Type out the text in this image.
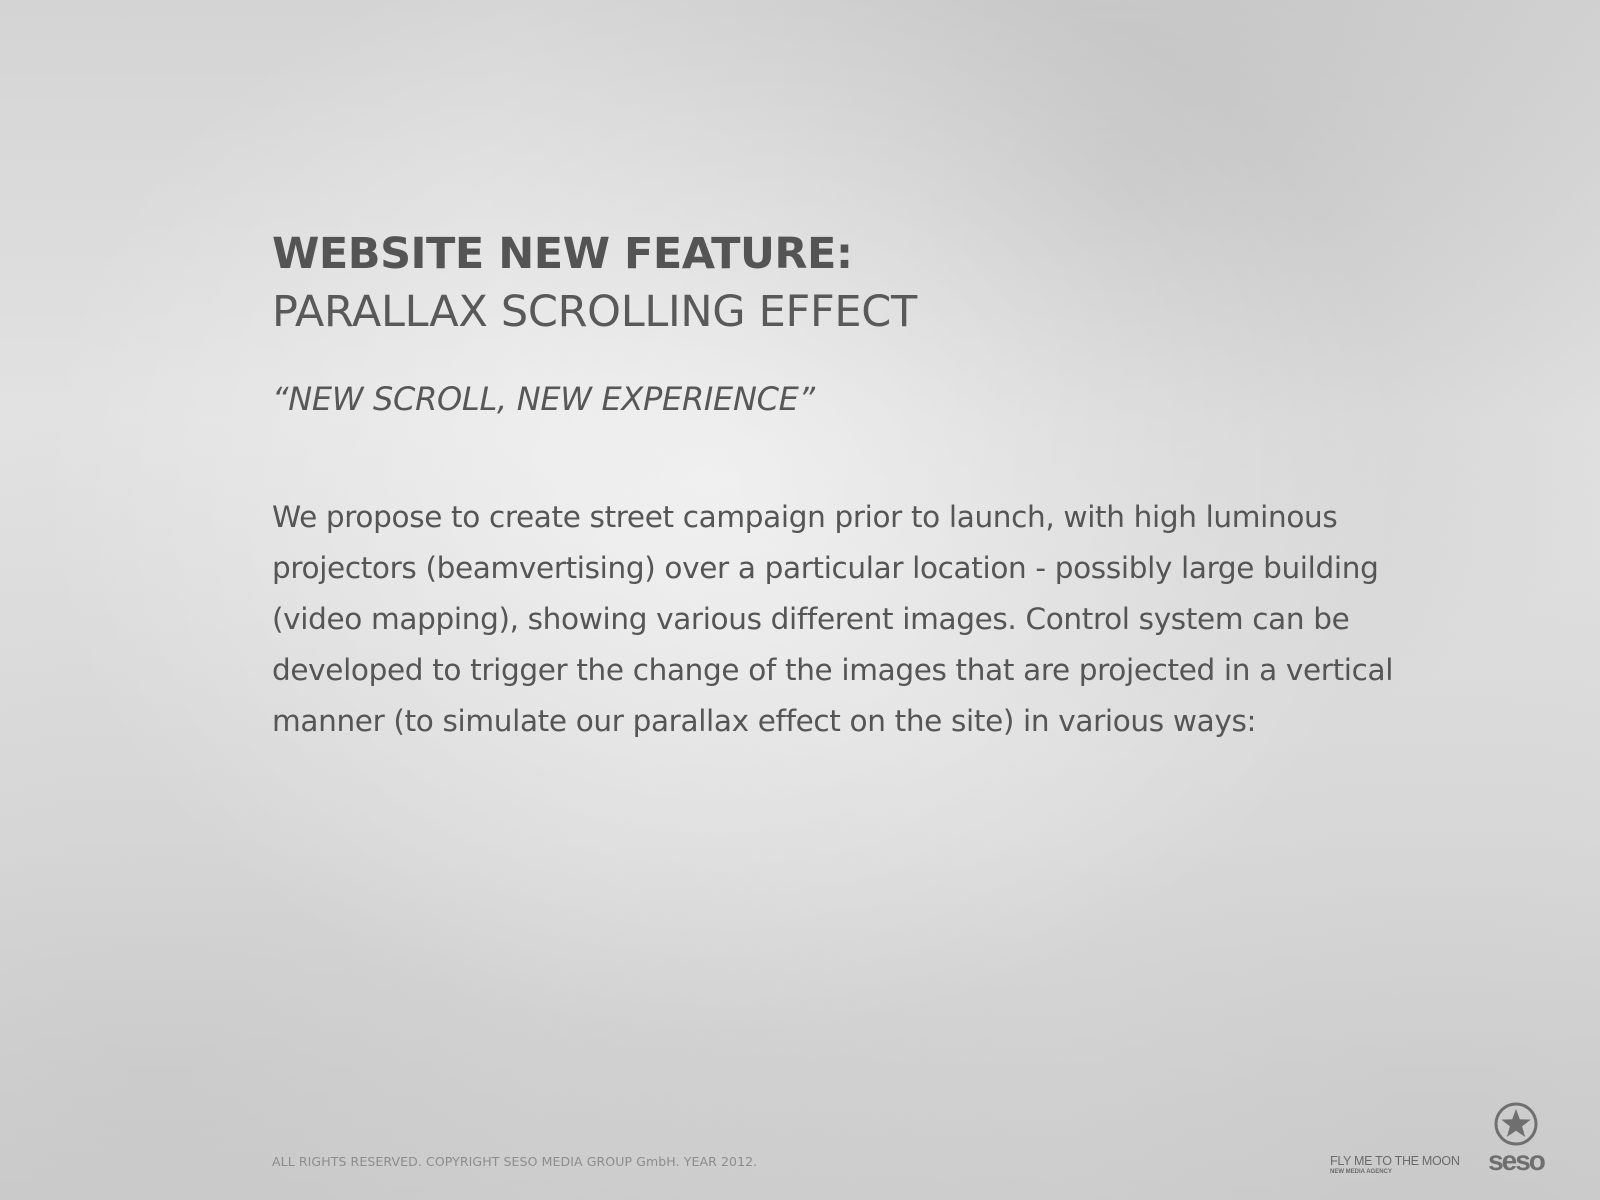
WEBSITE NEW FEATURE:
PARALLAX SCROLLING EFFECT

“NEW SCROLL, NEW EXPERIENCE”

We propose to create street campaign prior to launch, with high luminous projectors (beamvertising) over a particular location - possibly large building (video mapping), showing various different images. Control system can be developed to trigger the change of the images that are projected in a vertical manner (to simulate our parallax effect on the site) in various ways:

ALL RIGHTS RESERVED. COPYRIGHT SESO MEDIA GROUP GmbH. YEAR 2012.	FLY ME TO THE MOON
NEW MEDIA AGENCY	seso
